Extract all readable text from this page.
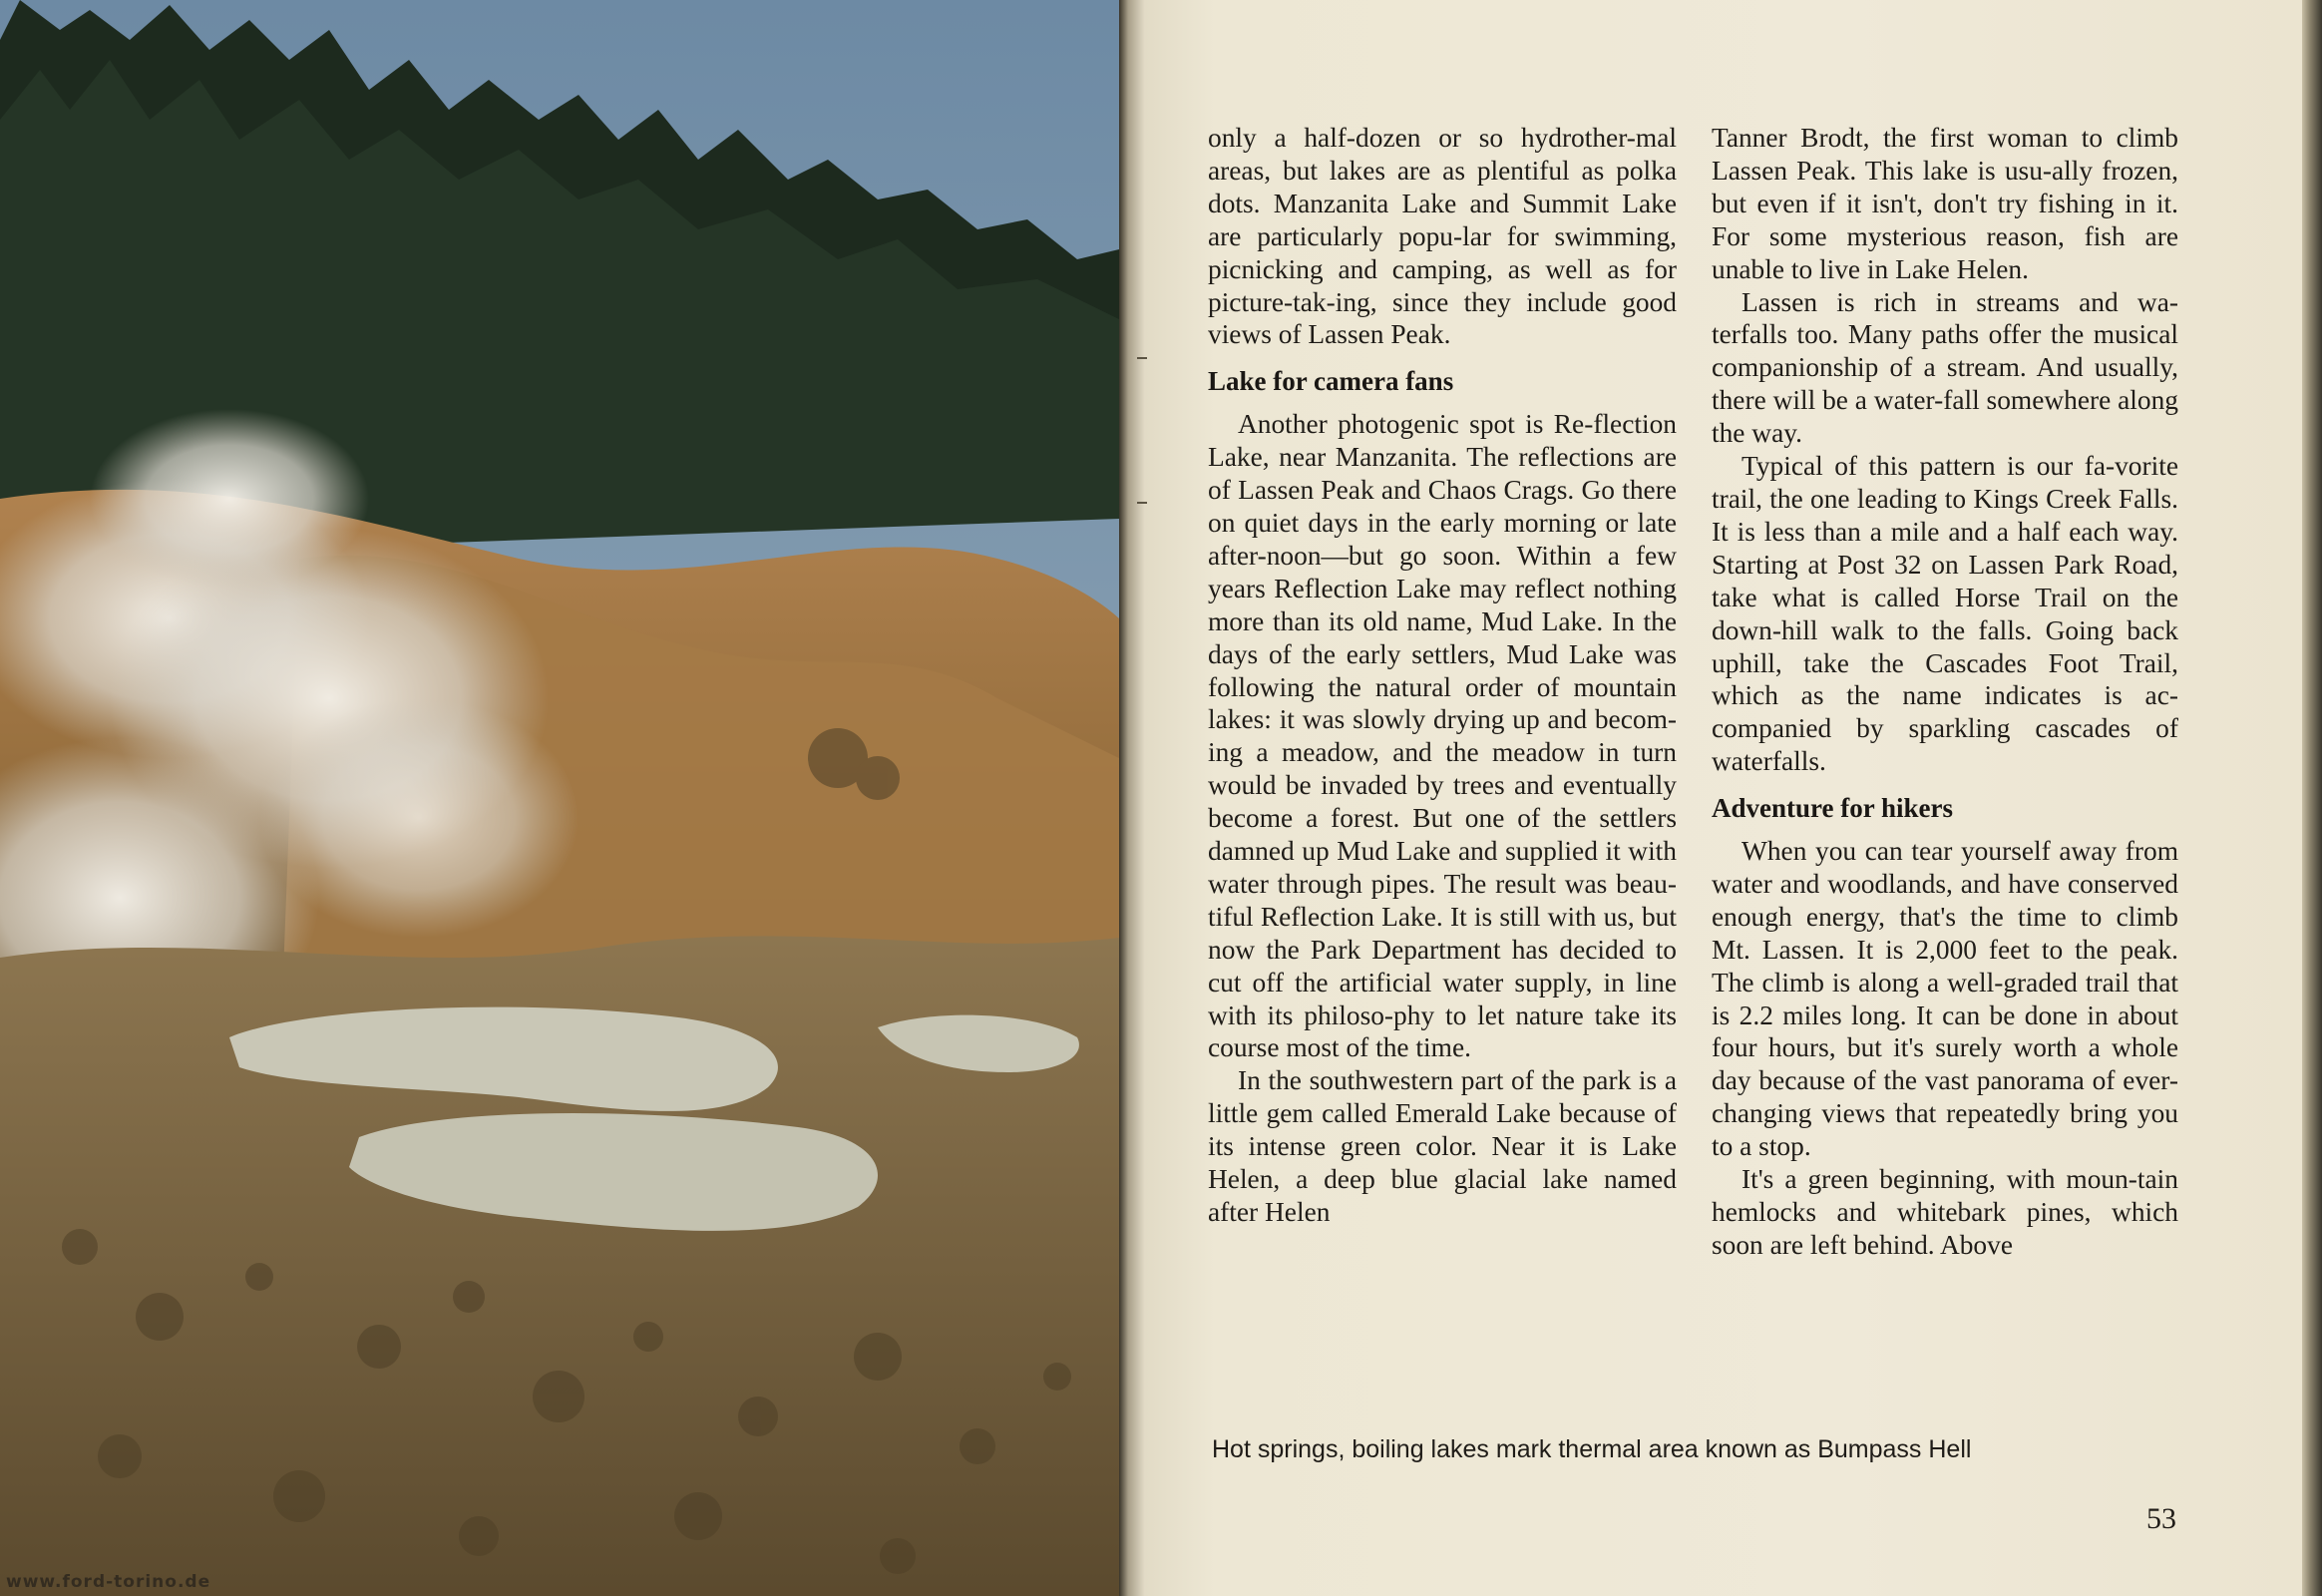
www.ford-torino.de

only a half-dozen or so hydrother-mal areas, but lakes are as plentiful as polka dots. Manzanita Lake and Summit Lake are particularly popu-lar for swimming, picnicking and camping, as well as for picture-tak-ing, since they include good views of Lassen Peak.

Lake for camera fans

Another photogenic spot is Re-flection Lake, near Manzanita. The reflections are of Lassen Peak and Chaos Crags. Go there on quiet days in the early morning or late after-noon—but go soon. Within a few years Reflection Lake may reflect nothing more than its old name, Mud Lake. In the days of the early settlers, Mud Lake was following the natural order of mountain lakes: it was slowly drying up and becom-ing a meadow, and the meadow in turn would be invaded by trees and eventually become a forest. But one of the settlers damned up Mud Lake and supplied it with water through pipes. The result was beau-tiful Reflection Lake. It is still with us, but now the Park Department has decided to cut off the artificial water supply, in line with its philoso-phy to let nature take its course most of the time.

In the southwestern part of the park is a little gem called Emerald Lake because of its intense green color. Near it is Lake Helen, a deep blue glacial lake named after Helen

Tanner Brodt, the first woman to climb Lassen Peak. This lake is usu-ally frozen, but even if it isn't, don't try fishing in it. For some mysterious reason, fish are unable to live in Lake Helen.

Lassen is rich in streams and wa-terfalls too. Many paths offer the musical companionship of a stream. And usually, there will be a water-fall somewhere along the way.

Typical of this pattern is our fa-vorite trail, the one leading to Kings Creek Falls. It is less than a mile and a half each way. Starting at Post 32 on Lassen Park Road, take what is called Horse Trail on the down-hill walk to the falls. Going back uphill, take the Cascades Foot Trail, which as the name indicates is ac-companied by sparkling cascades of waterfalls.

Adventure for hikers

When you can tear yourself away from water and woodlands, and have conserved enough energy, that's the time to climb Mt. Lassen. It is 2,000 feet to the peak. The climb is along a well-graded trail that is 2.2 miles long. It can be done in about four hours, but it's surely worth a whole day because of the vast panorama of ever-changing views that repeatedly bring you to a stop.

It's a green beginning, with moun-tain hemlocks and whitebark pines, which soon are left behind. Above

Hot springs, boiling lakes mark thermal area known as Bumpass Hell
53
